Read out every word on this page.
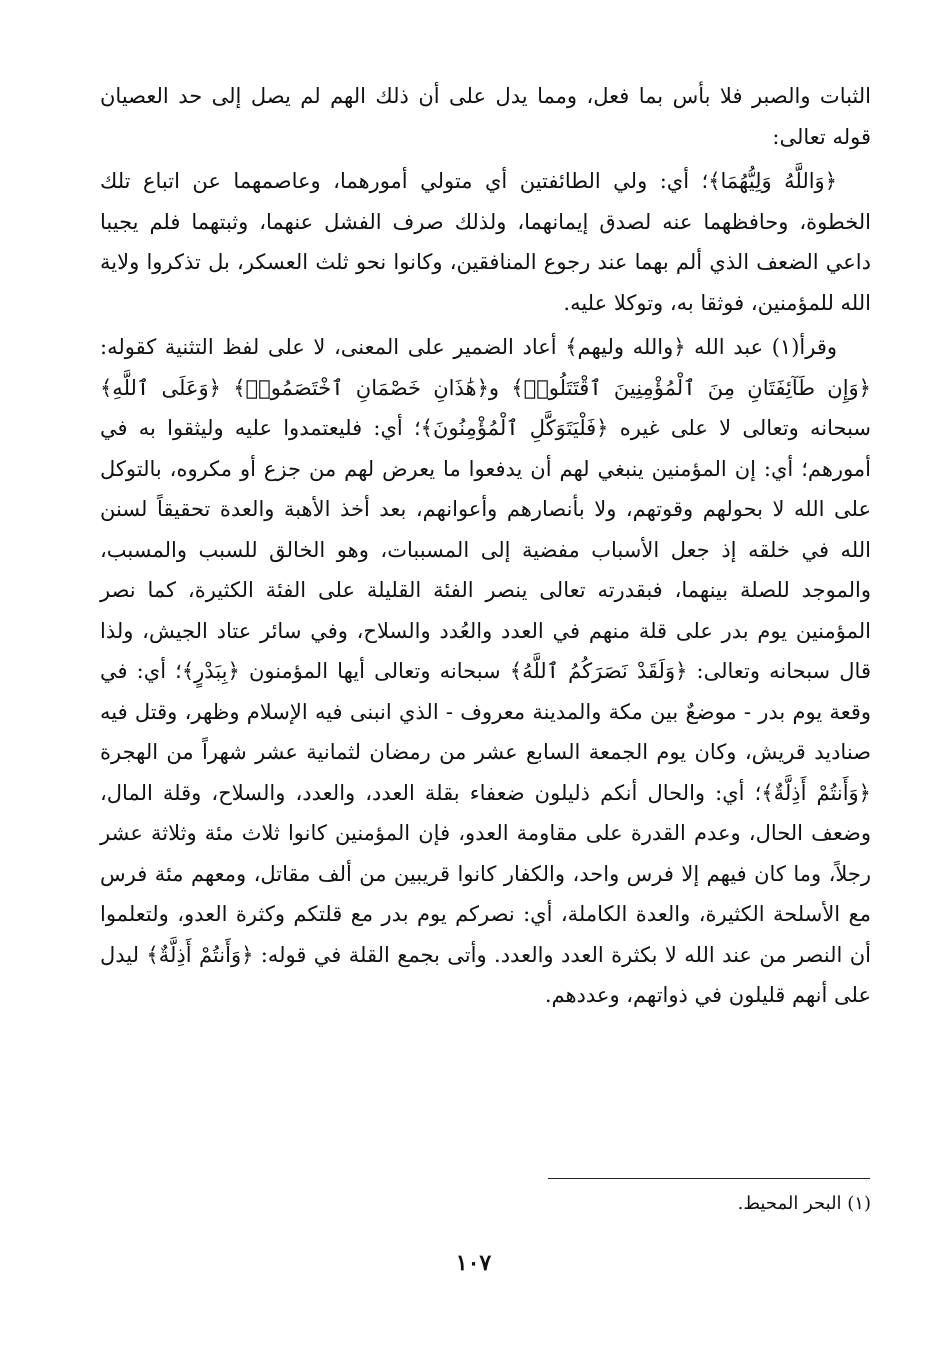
الثبات والصبر فلا بأس بما فعل، ومما يدل على أن ذلك الهم لم يصل إلى حد العصيان قوله تعالى:

﴿وَاللَّهُ وَلِيُّهُمَا﴾؛ أي: ولي الطائفتين أي متولي أمورهما، وعاصمهما عن اتباع تلك الخطوة، وحافظهما عنه لصدق إيمانهما، ولذلك صرف الفشل عنهما، وثبتهما فلم يجيبا داعي الضعف الذي ألم بهما عند رجوع المنافقين، وكانوا نحو ثلث العسكر، بل تذكروا ولاية الله للمؤمنين، فوثقا به، وتوكلا عليه.

وقرأ(١) عبد الله ﴿والله وليهم﴾ أعاد الضمير على المعنى، لا على لفظ التثنية كقوله: ﴿وَإِن طَآئِفَتَانِ مِنَ ٱلْمُؤْمِنِينَ ٱقْتَتَلُوا۟﴾ و﴿هَٰذَانِ خَصْمَانِ ٱخْتَصَمُوا۟﴾ ﴿وَعَلَى ٱللَّهِ﴾ سبحانه وتعالى لا على غيره ﴿فَلْيَتَوَكَّلِ ٱلْمُؤْمِنُونَ﴾؛ أي: فليعتمدوا عليه وليثقوا به في أمورهم؛ أي: إن المؤمنين ينبغي لهم أن يدفعوا ما يعرض لهم من جزع أو مكروه، بالتوكل على الله لا بحولهم وقوتهم، ولا بأنصارهم وأعوانهم، بعد أخذ الأهبة والعدة تحقيقاً لسنن الله في خلقه إذ جعل الأسباب مفضية إلى المسببات، وهو الخالق للسبب والمسبب، والموجد للصلة بينهما، فبقدرته تعالى ينصر الفئة القليلة على الفئة الكثيرة، كما نصر المؤمنين يوم بدر على قلة منهم في العدد والعُدد والسلاح، وفي سائر عتاد الجيش، ولذا قال سبحانه وتعالى: ﴿وَلَقَدْ نَصَرَكُمُ ٱللَّهُ﴾ سبحانه وتعالى أيها المؤمنون ﴿بِبَدْرٍ﴾؛ أي: في وقعة يوم بدر - موضعٌ بين مكة والمدينة معروف - الذي انبنى فيه الإسلام وظهر، وقتل فيه صناديد قريش، وكان يوم الجمعة السابع عشر من رمضان لثمانية عشر شهراً من الهجرة ﴿وَأَنتُمْ أَذِلَّةٌ﴾؛ أي: والحال أنكم ذليلون ضعفاء بقلة العدد، والعدد، والسلاح، وقلة المال، وضعف الحال، وعدم القدرة على مقاومة العدو، فإن المؤمنين كانوا ثلاث مئة وثلاثة عشر رجلاً، وما كان فيهم إلا فرس واحد، والكفار كانوا قريبين من ألف مقاتل، ومعهم مئة فرس مع الأسلحة الكثيرة، والعدة الكاملة، أي: نصركم يوم بدر مع قلتكم وكثرة العدو، ولتعلموا أن النصر من عند الله لا بكثرة العدد والعدد. وأتى بجمع القلة في قوله: ﴿وَأَنتُمْ أَذِلَّةٌ﴾ ليدل على أنهم قليلون في ذواتهم، وعددهم.

(١) البحر المحيط.
١٠٧
